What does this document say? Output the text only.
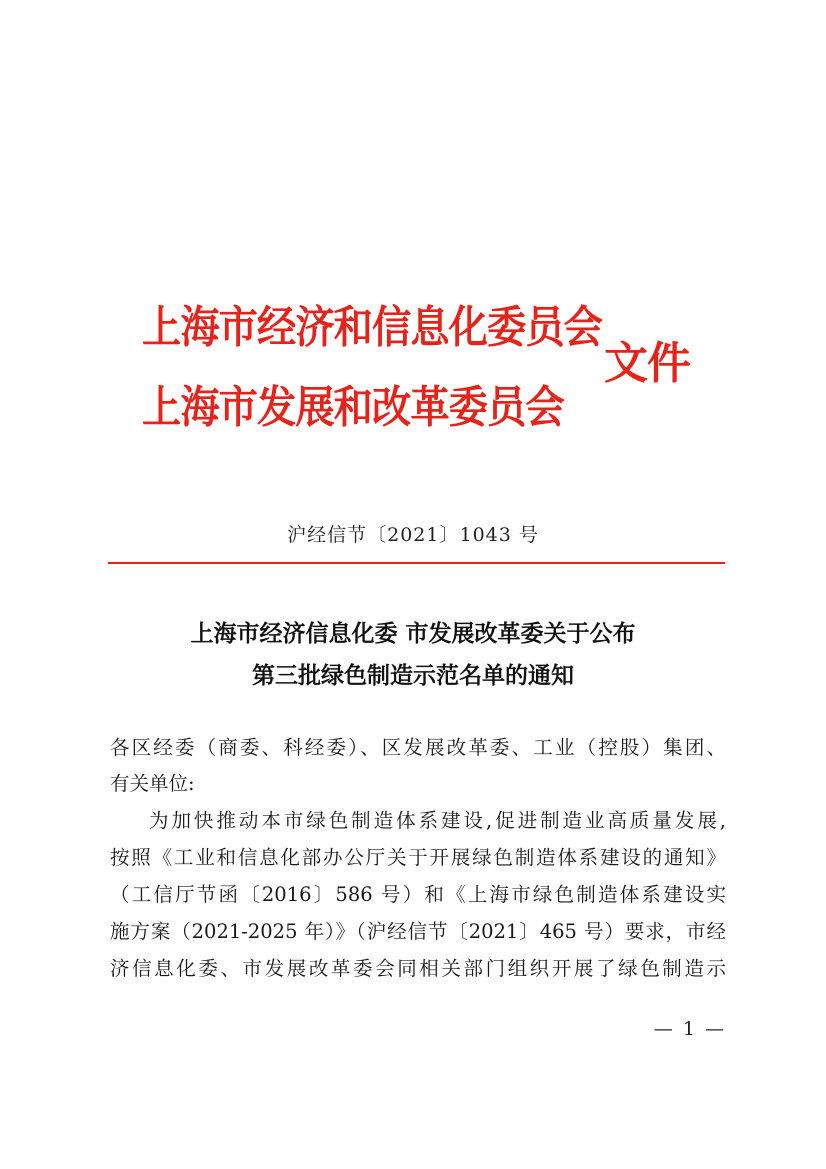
上海市经济和信息化委员会
上海市发展和改革委员会
文件
沪经信节〔2021〕1043 号
上海市经济信息化委 市发展改革委关于公布
第三批绿色制造示范名单的通知
各区经委（商委、科经委）、区发展改革委、工业（控股）集团、
有关单位:
为加快推动本市绿色制造体系建设,促进制造业高质量发展,
按照《工业和信息化部办公厅关于开展绿色制造体系建设的通知》
（工信厅节函〔2016〕586 号）和《上海市绿色制造体系建设实
施方案（2021-2025 年）》（沪经信节〔2021〕465 号）要求，市经
济信息化委、市发展改革委会同相关部门组织开展了绿色制造示
— 1 —
